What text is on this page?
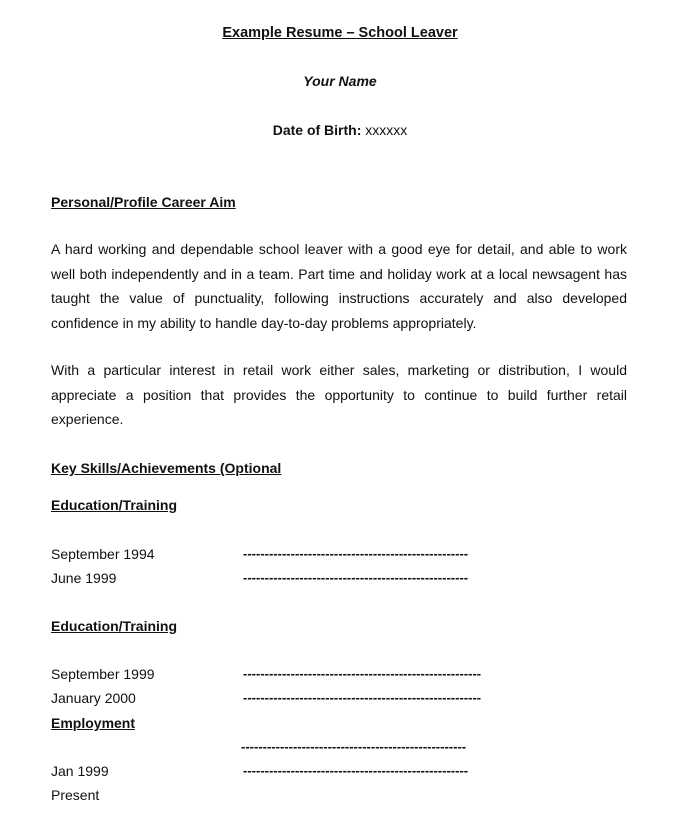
Example Resume – School Leaver
Your Name
Date of Birth: xxxxxx
Personal/Profile Career Aim
A hard working and dependable school leaver with a good eye for detail, and able to work well both independently and in a team. Part time and holiday work at a local newsagent has taught the value of punctuality, following instructions accurately and also developed confidence in my ability to handle day-to-day problems appropriately.
With a particular interest in retail work either sales, marketing or distribution, I would appreciate a position that provides the opportunity to continue to build further retail experience.
Key Skills/Achievements (Optional
Education/Training
September 1994	----------------------------------------------------
June 1999	----------------------------------------------------
Education/Training
September 1999	-------------------------------------------------------
January 2000	-------------------------------------------------------
Employment
----------------------------------------------------
Jan 1999	----------------------------------------------------
Present
